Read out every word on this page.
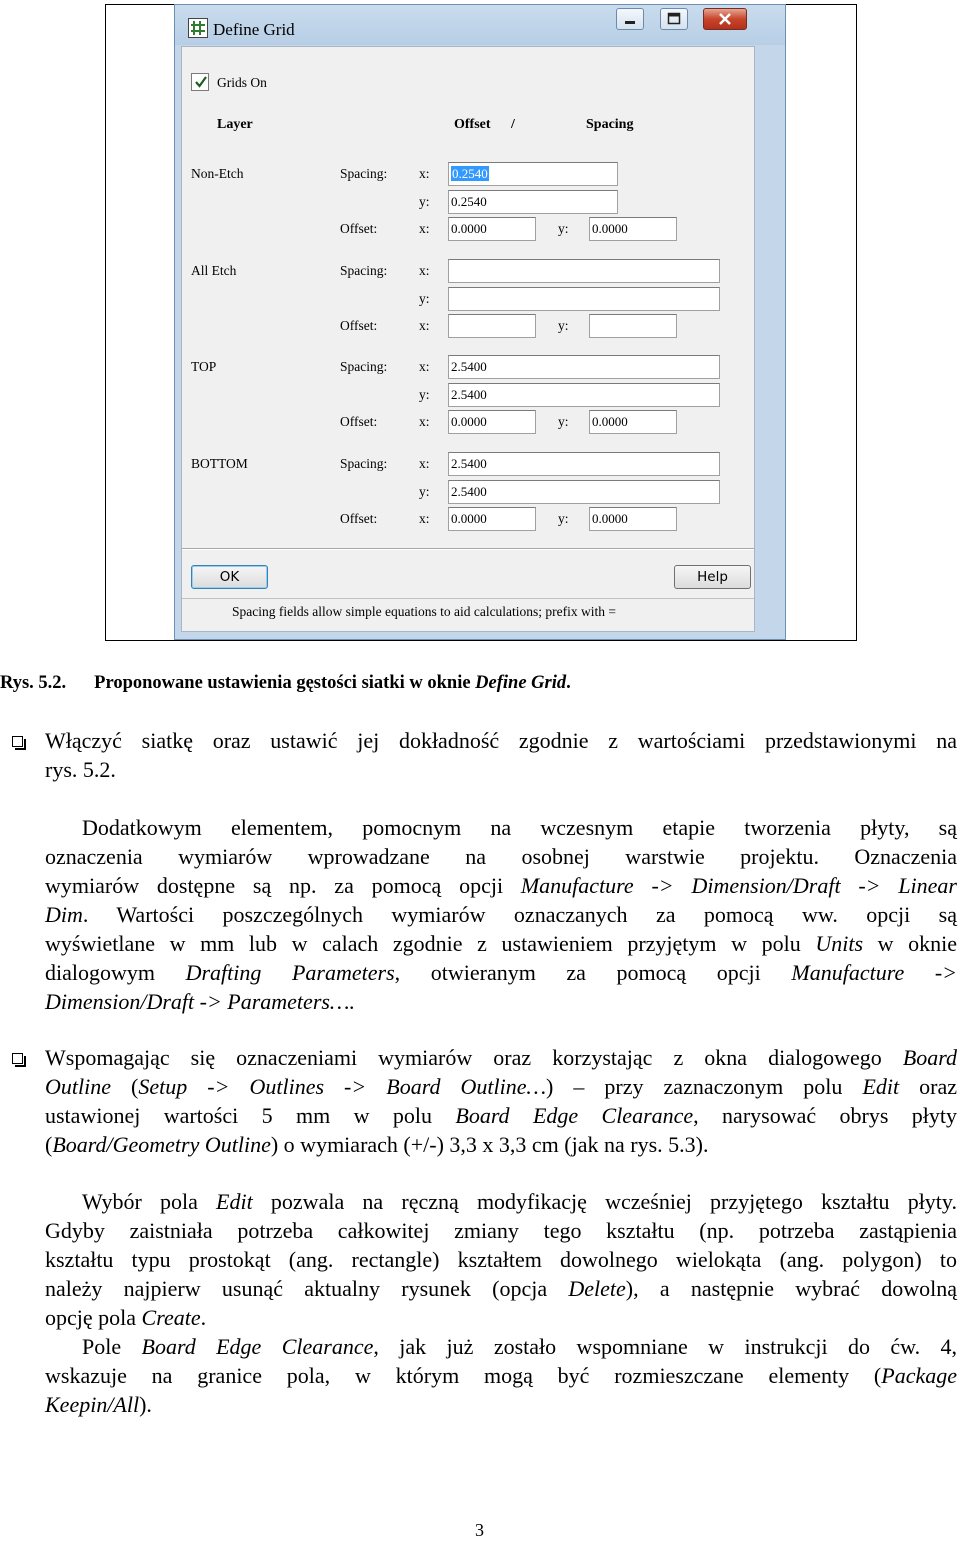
Define Grid
Grids On
Layer	Offset /	Spacing
Non-Etch	Spacing: x:	0.2540
y: 0.2540
Offset:	x: 0.0000	y: 0.0000
All Etch	Spacing: x:
y:
Offset:	x:	y:
TOP	Spacing: x: 2.5400
y: 2.5400
Offset:	x: 0.0000	y: 0.0000
BOTTOM	Spacing: x: 2.5400
y: 2.5400
Offset:	x: 0.0000	y: 0.0000
OK	Help
Spacing fields allow simple equations to aid calculations; prefix with =
Rys. 5.2. Proponowane ustawienia gęstości siatki w oknie Define Grid.
Włączyć siatkę oraz ustawić jej dokładność zgodnie z wartościami przedstawionymi na
rys. 5.2.
Dodatkowym elementem, pomocnym na wczesnym etapie tworzenia płyty, są
oznaczenia wymiarów wprowadzane na osobnej warstwie projektu. Oznaczenia
wymiarów dostępne są np. za pomocą opcji Manufacture -> Dimension/Draft -> Linear
Dim. Wartości poszczególnych wymiarów oznaczanych za pomocą ww. opcji są
wyświetlane w mm lub w calach zgodnie z ustawieniem przyjętym w polu Units w oknie
dialogowym Drafting Parameters, otwieranym za pomocą opcji Manufacture ->
Dimension/Draft -> Parameters….
Wspomagając się oznaczeniami wymiarów oraz korzystając z okna dialogowego Board
Outline (Setup -> Outlines -> Board Outline…) – przy zaznaczonym polu Edit oraz
ustawionej wartości 5 mm w polu Board Edge Clearance, narysować obrys płyty
(Board/Geometry Outline) o wymiarach (+/-) 3,3 x 3,3 cm (jak na rys. 5.3).
Wybór pola Edit pozwala na ręczną modyfikację wcześniej przyjętego kształtu płyty.
Gdyby zaistniała potrzeba całkowitej zmiany tego kształtu (np. potrzeba zastąpienia
kształtu typu prostokąt (ang. rectangle) kształtem dowolnego wielokąta (ang. polygon) to
należy najpierw usunąć aktualny rysunek (opcja Delete), a następnie wybrać dowolną
opcję pola Create.
Pole Board Edge Clearance, jak już zostało wspomniane w instrukcji do ćw. 4,
wskazuje na granice pola, w którym mogą być rozmieszczane elementy (Package
Keepin/All).
3
